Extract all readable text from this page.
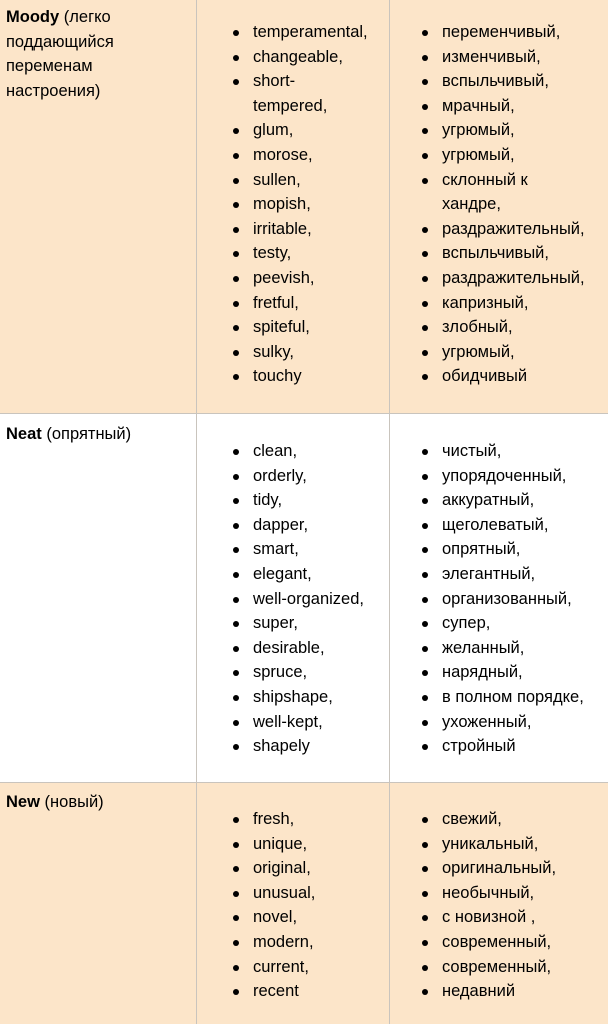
Moody (легко поддающийся переменам настроения)
temperamental,
changeable,
short-tempered,
glum,
morose,
sullen,
mopish,
irritable,
testy,
peevish,
fretful,
spiteful,
sulky,
touchy
переменчивый,
изменчивый,
вспыльчивый,
мрачный,
угрюмый,
угрюмый,
склонный к хандре,
раздражительный,
вспыльчивый,
раздражительный,
капризный,
злобный,
угрюмый,
обидчивый
Neat (опрятный)
clean,
orderly,
tidy,
dapper,
smart,
elegant,
well-organized,
super,
desirable,
spruce,
shipshape,
well-kept,
shapely
чистый,
упорядоченный,
аккуратный,
щеголеватый,
опрятный,
элегантный,
организованный,
супер,
желанный,
нарядный,
в полном порядке,
ухоженный,
стройный
New (новый)
fresh,
unique,
original,
unusual,
novel,
modern,
current,
recent
свежий,
уникальный,
оригинальный,
необычный,
с новизной ,
современный,
современный,
недавний
